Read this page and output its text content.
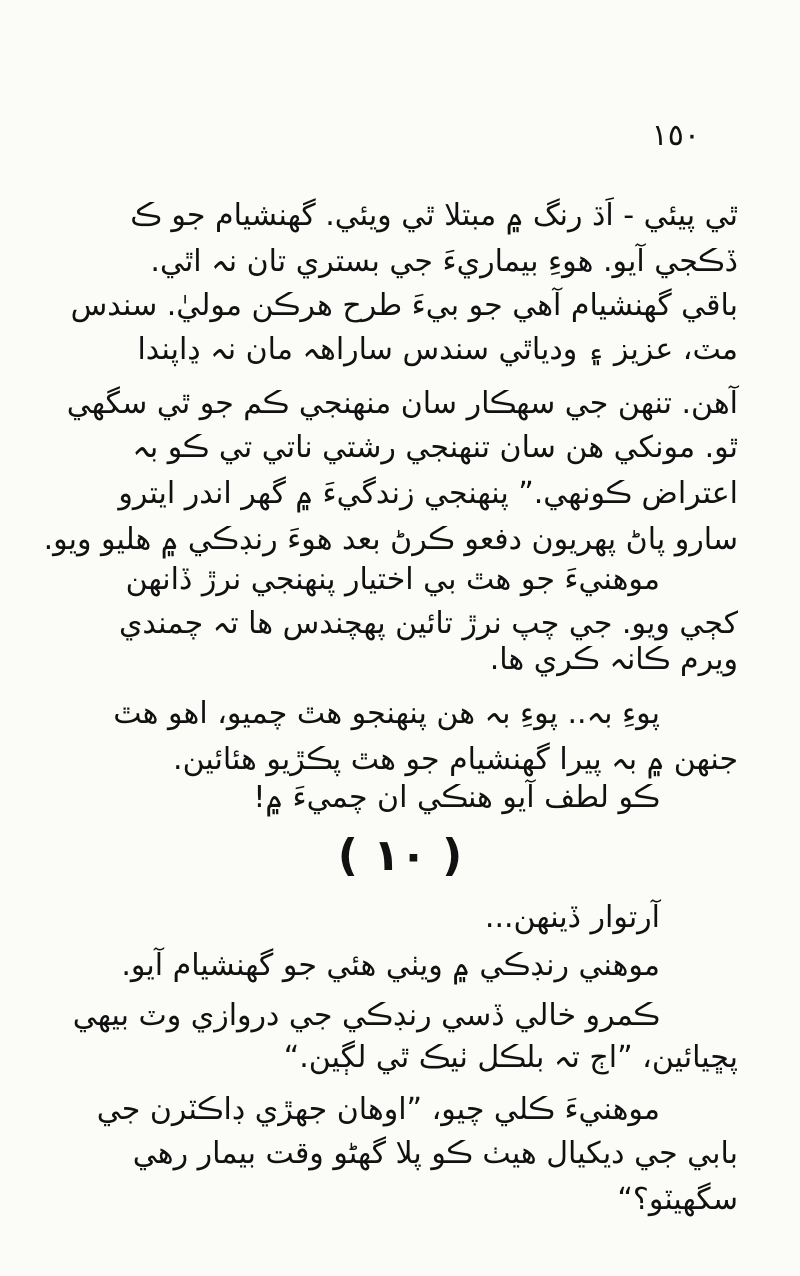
١٥٠
ٿي پيئي - اَڌ رنگ ۾ مبتلا ٿي ويئي. گهنشيام جو ڪ
ڏڪجي آيو. هوءِ بيماريءَ جي بستري تان نہ اٿي.
باقي گهنشيام آهي جو بيءَ طرح هرڪن موليٰ. سندس
مٽ، عزيز ۽ ودياٿي سندس ساراهہ مان نہ ڍاپندا
آهن. تنهن جي سهڪار سان منهنجي ڪم جو ٿي سگهي
ٿو. مونکي هن سان تنهنجي رشتي ناتي تي ڪو بہ
اعتراض ڪونهي.” پنهنجي زندگيءَ ۾ گهر اندر ايترو
سارو پاڻ پهريون دفعو ڪرڻ بعد هوءَ رنڊڪي ۾ هليو ويو.
موهنيءَ جو هٿ بي اختيار پنهنجي نرڙ ڏانهن
کڄي ويو. جي چپ نرڙ تائين پهچندس ها تہ چمندي
ويرم ڪانہ ڪري ها.
پوءِ بہ.. پوءِ بہ هن پنهنجو هٿ چميو، اهو هٿ
جنهن ۾ بہ پيرا گهنشيام جو هٿ پڪڙيو هئائين.
ڪو لطف آيو هنڪي ان چميءَ ۾!
( ١٠ )
آرتوار ڏينهن...
موهني رنڊڪي ۾ ويٺي هئي جو گهنشيام آيو.
ڪمرو خالي ڏسي رنڊڪي جي دروازي وٽ بيهي
پڇيائين، ”اڄ تہ بلڪل ٺيڪ ٿي لڳين.“
موهنيءَ ڪلي چيو، ”اوهان جهڙي ڊاڪٽرن جي
بابي جي ديکيال هيٺ ڪو پلا گهڻو وقت بيمار رهي
سگهيٽو؟“
